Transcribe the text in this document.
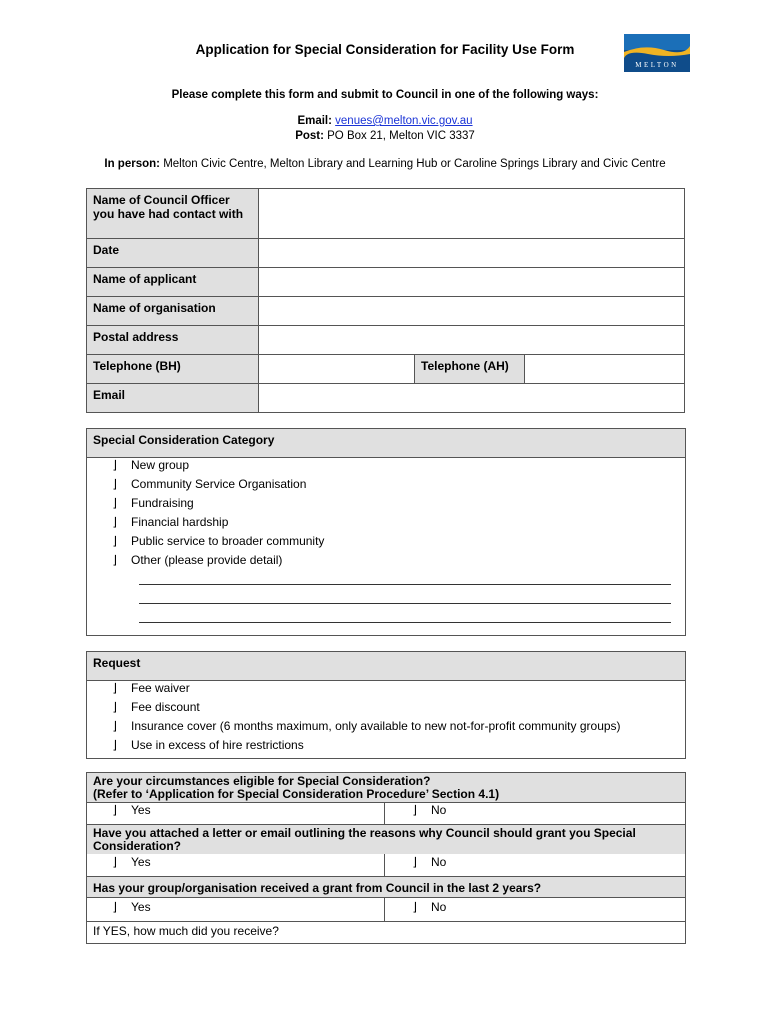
Application for Special Consideration for Facility Use Form
MELTON
Please complete this form and submit to Council in one of the following ways:
Email: venues@melton.vic.gov.au
Post: PO Box 21, Melton VIC 3337
In person: Melton Civic Centre, Melton Library and Learning Hub or Caroline Springs Library and Civic Centre
Name of Council Officer you have had contact with			
Date			
Name of applicant			
Name of organisation			
Postal address			
Telephone (BH)		Telephone (AH)	
Email			
Special Consideration Category
⌋ New group
⌋ Community Service Organisation
⌋ Fundraising
⌋ Financial hardship
⌋ Public service to broader community
⌋ Other (please provide detail)
Request
⌋ Fee waiver
⌋ Fee discount
⌋ Insurance cover (6 months maximum, only available to new not-for-profit community groups)
⌋ Use in excess of hire restrictions
Are your circumstances eligible for Special Consideration?
(Refer to ‘Application for Special Consideration Procedure’ Section 4.1)
⌋ Yes	⌋ No
Have you attached a letter or email outlining the reasons why Council should grant you Special Consideration?
⌋ Yes	⌋ No
Has your group/organisation received a grant from Council in the last 2 years?
⌋ Yes	⌋ No
If YES, how much did you receive?
